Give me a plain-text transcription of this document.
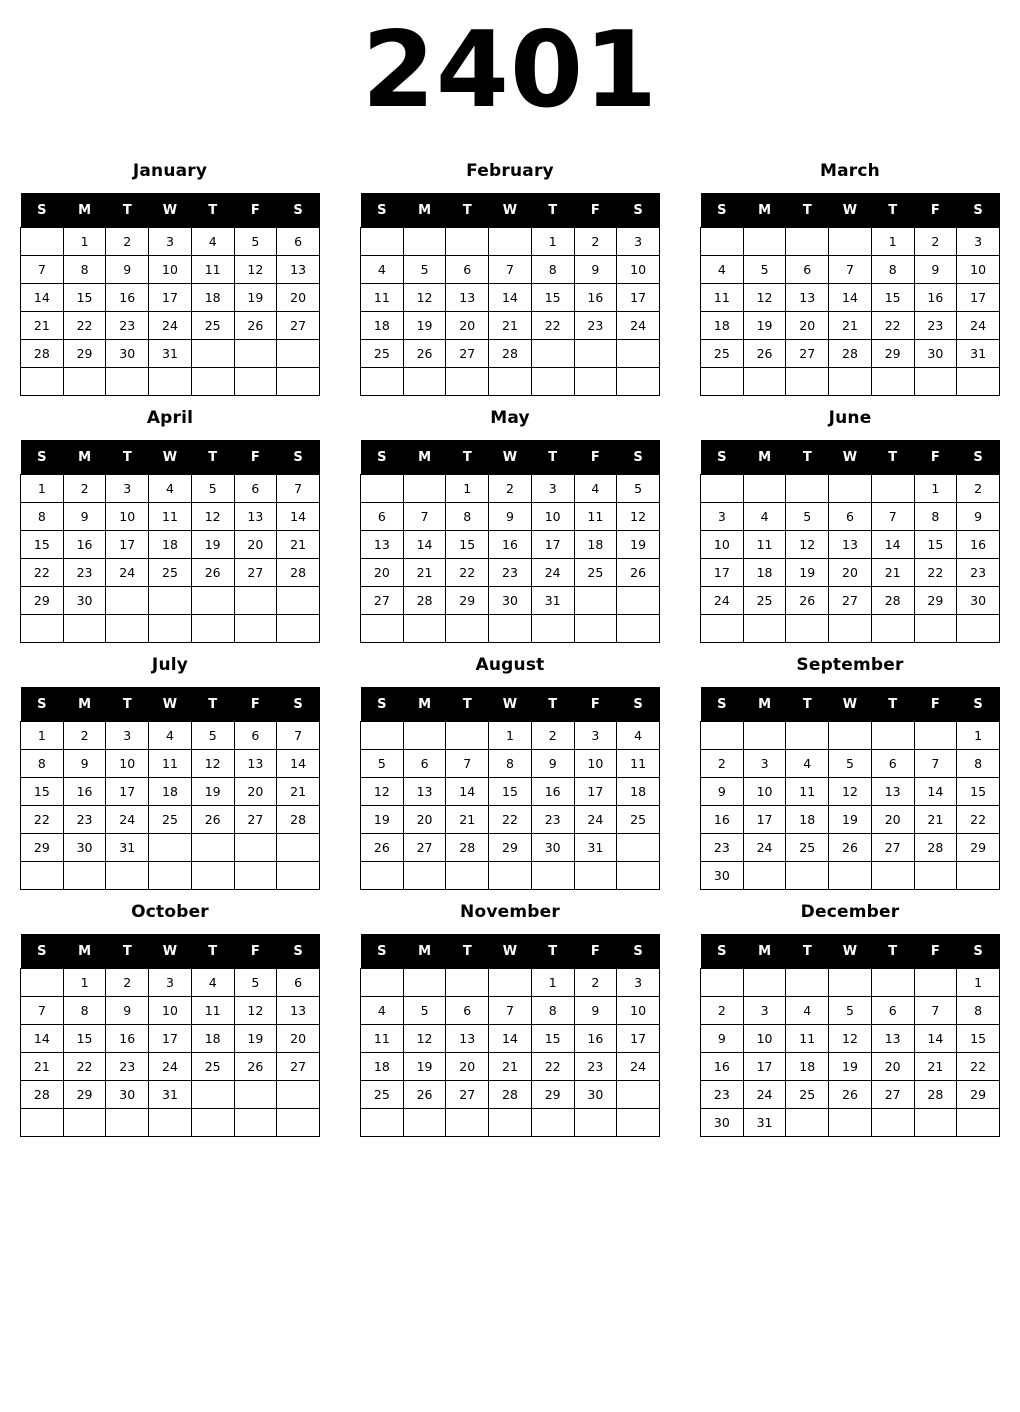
2401
January
S	M	T	W	T	F	S
	1	2	3	4	5	6
7	8	9	10	11	12	13
14	15	16	17	18	19	20
21	22	23	24	25	26	27
28	29	30	31			

February
S	M	T	W	T	F	S
				1	2	3
4	5	6	7	8	9	10
11	12	13	14	15	16	17
18	19	20	21	22	23	24
25	26	27	28			

March
S	M	T	W	T	F	S
				1	2	3
4	5	6	7	8	9	10
11	12	13	14	15	16	17
18	19	20	21	22	23	24
25	26	27	28	29	30	31

April
S	M	T	W	T	F	S
1	2	3	4	5	6	7
8	9	10	11	12	13	14
15	16	17	18	19	20	21
22	23	24	25	26	27	28
29	30					

May
S	M	T	W	T	F	S
		1	2	3	4	5
6	7	8	9	10	11	12
13	14	15	16	17	18	19
20	21	22	23	24	25	26
27	28	29	30	31		

June
S	M	T	W	T	F	S
					1	2
3	4	5	6	7	8	9
10	11	12	13	14	15	16
17	18	19	20	21	22	23
24	25	26	27	28	29	30

July
S	M	T	W	T	F	S
1	2	3	4	5	6	7
8	9	10	11	12	13	14
15	16	17	18	19	20	21
22	23	24	25	26	27	28
29	30	31				

August
S	M	T	W	T	F	S
			1	2	3	4
5	6	7	8	9	10	11
12	13	14	15	16	17	18
19	20	21	22	23	24	25
26	27	28	29	30	31	

September
S	M	T	W	T	F	S
						1
2	3	4	5	6	7	8
9	10	11	12	13	14	15
16	17	18	19	20	21	22
23	24	25	26	27	28	29
30						
October
S	M	T	W	T	F	S
	1	2	3	4	5	6
7	8	9	10	11	12	13
14	15	16	17	18	19	20
21	22	23	24	25	26	27
28	29	30	31			

November
S	M	T	W	T	F	S
				1	2	3
4	5	6	7	8	9	10
11	12	13	14	15	16	17
18	19	20	21	22	23	24
25	26	27	28	29	30	

December
S	M	T	W	T	F	S
						1
2	3	4	5	6	7	8
9	10	11	12	13	14	15
16	17	18	19	20	21	22
23	24	25	26	27	28	29
30	31					
